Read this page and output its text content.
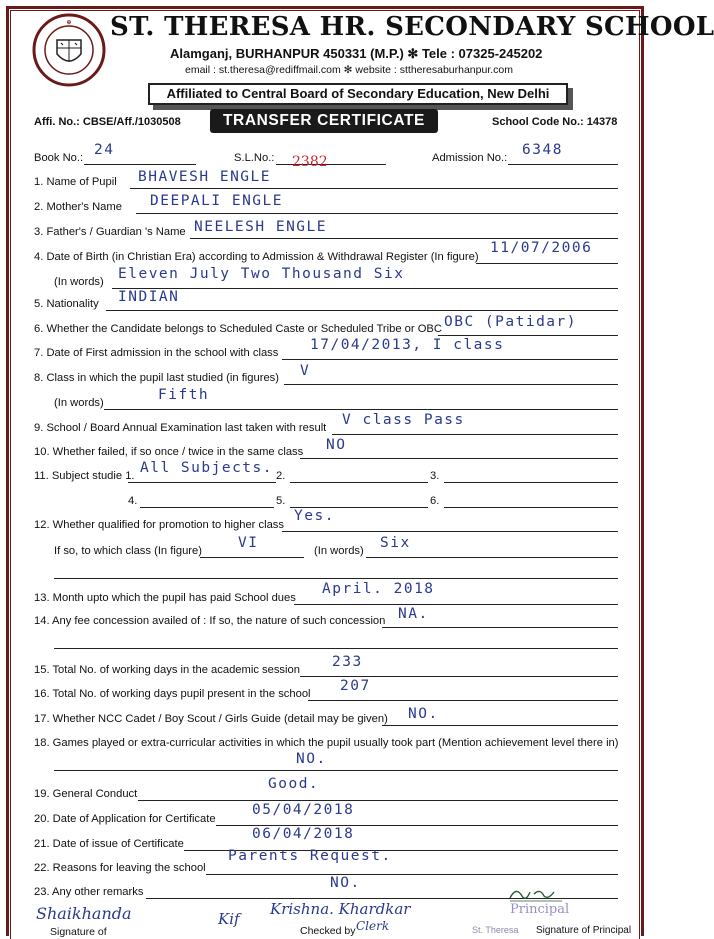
✠ ST. THERESA HR. SECONDARY SCHOOL
Alamganj, BURHANPUR 450331 (M.P.) ✻ Tele : 07325-245202
email : st.theresa@rediffmail.com ✻ website : sttheresaburhanpur.com
Affiliated to Central Board of Secondary Education, New Delhi
Affi. No.: CBSE/Aff./1030508	TRANSFER CERTIFICATE	School Code No.: 14378
Book No.: 24	S.L.No.: 2382	Admission No.: 6348
1. Name of Pupil BHAVESH ENGLE
2. Mother's Name DEEPALI ENGLE
3. Father's / Guardian 's Name NEELESH ENGLE
4. Date of Birth (in Christian Era) according to Admission & Withdrawal Register (In figure)
11/07/2006
(In words) Eleven July Two Thousand Six
5. Nationality INDIAN
6. Whether the Candidate belongs to Scheduled Caste or Scheduled Tribe or OBC OBC (Patidar)
7. Date of First admission in the school with class 17/04/2013, I class
8. Class in which the pupil last studied (in figures) V
(In words)	Fifth
9. School / Board Annual Examination last taken with result V class Pass
10. Whether failed, if so once / twice in the same class NO
11. Subject studie 1. All Subjects. 2.	3.
4.	5.	6.
12. Whether qualified for promotion to higher class
Yes.
If so, to which class (In figure) VI	(In words) Six
13. Month upto which the pupil has paid School dues
April. 2018
14. Any fee concession availed of : If so, the nature of such concession NA.
15. Total No. of working days in the academic session 233
16. Total No. of working days pupil present in the school 207
17. Whether NCC Cadet / Boy Scout / Girls Guide (detail may be given) NO.
18. Games played or extra-curricular activities in which the pupil usually took part (Mention achievement level there in)
NO.
19. General Conduct
Good.
20. Date of Application for Certificate
05/04/2018
21. Date of issue of Certificate
06/04/2018
22. Reasons for leaving the school
Parents Request.
23. Any other remarks
NO.
Shaikhanda
Signature of
Kif
Krishna. Khardkar
Checked by Clerk
Principal
St. Theresa Signature of Principal
